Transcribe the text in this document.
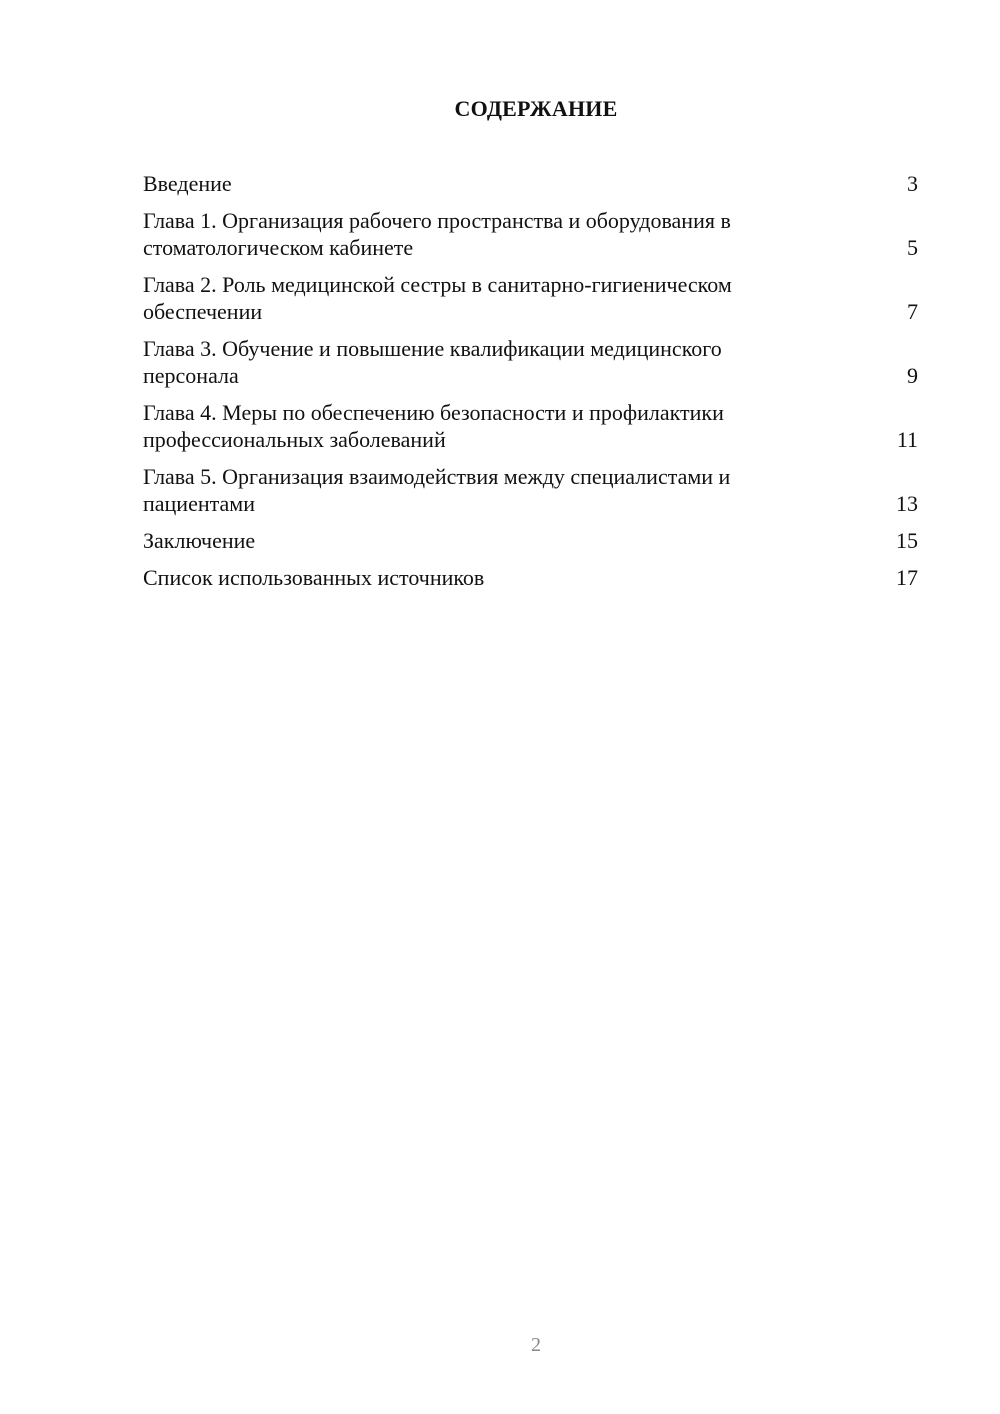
СОДЕРЖАНИЕ
Введение	3
Глава 1. Организация рабочего пространства и оборудования в
стоматологическом кабинете	5
Глава 2. Роль медицинской сестры в санитарно-гигиеническом
обеспечении	7
Глава 3. Обучение и повышение квалификации медицинского
персонала	9
Глава 4. Меры по обеспечению безопасности и профилактики
профессиональных заболеваний	11
Глава 5. Организация взаимодействия между специалистами и
пациентами	13
Заключение	15
Список использованных источников	17
2
